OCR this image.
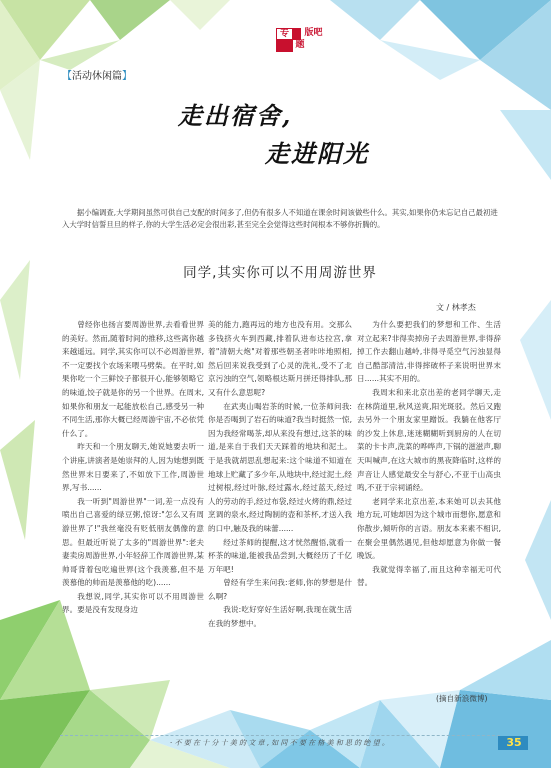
专	版吧
题
【活动休闲篇】
走出宿舍,
走进阳光

据小编调查,大学期间虽然可供自己支配的时间多了,但仍有很多人不知道在课余时间该做些什么。其实,如果你仍未忘记自己最初进入大学时信誓旦旦的样子,你的大学生活必定会很出彩,甚至完全会觉得这些时间根本不够你折腾的。

同学,其实你可以不用周游世界
文 / 林孝杰

曾经你也扬言要周游世界,去看看世界的美好。然而,随着时间的推移,这些离你越来越遥远。同学,其实你可以不必周游世界,不一定要找个农场来喂马劈柴。在平时,如果你吃一个三鲜饺子都很开心,能够领略它的味道,饺子就是你的另一个世界。在周末,如果你和朋友一起能放松自己,感受另一种不同生活,那你大概已经周游宇宙,不必依凭什么了。

昨天和一个朋友聊天,她说她要去听一个讲座,讲演者是她崇拜的人,因为她想到既然世界末日要来了,不如放下工作,周游世界,写书......

我一听到"周游世界"一词,差一点没有喷出自己喜爱的绿豆粥,惊讶:"怎么又有周游世界了!"我丝毫没有贬低朋友偶像的意思。但最近听说了太多的"周游世界":老夫妻卖房周游世界,小年轻辞工作周游世界,某帅哥背着包吃遍世界(这个我羡慕,但不是羡慕他的帅而是羡慕他的吃)......

我想说,同学,其实你可以不用周游世界。要是没有发现身边

美的能力,跑再远的地方也没有用。交那么多钱挤火车到西藏,排着队进布达拉宫,拿着"清朝大炮"对着那些朝圣者咔咔地照相,然后回来说我受到了心灵的洗礼,受不了北京污浊的空气,领略根达斯月拼还得排队,那又有什么意思呢?

在武夷山喝岩茶的时候,一位茶师问我:你是否喝到了岩石的味道?我当时挺然一惊,因为我经常喝茶,却从来没有想过,这茶的味道,是来自于我们天天踩着的地块和泥土。于是我就胡思乱想起来:这个味道不知道在地球上贮藏了多少年,从地块中,经过泥土,经过树根,经过叶脉,经过露水,经过蓝天,经过人的劳动的手,经过布袋,经过火烤的鼎,经过烹调的泉水,经过陶制的壶和茶杯,才送入我的口中,触及我的味蕾......

经过茶师的提醒,这才恍然醒悟,就看一杯茶的味道,能被我品尝到,大概经历了千亿万年吧!

曾经有学生来问我:老师,你的梦想是什么啊?

我说:吃好穿好生活好啊,我现在就生活在我的梦想中。

为什么要把我们的梦想和工作、生活对立起来?非得卖掉房子去周游世界,非得辞掉工作去翻山越岭,非得寻觅空气污浊显得自己酷部清洁,非得摔破杯子来说明世界末日......其实不用的。

我周末和来北京出差的老同学聊天,走在林荫道里,秋风送爽,阳光斑驳。然后又跑去另外一个朋友家里蹭饭。我躺在他客厅的沙发上休息,迷迷糊糊听到厨房的人在切菜的卡卡声,洗菜的哗哗声,下锅的滋滋声,聊天叫喊声,在这大城市的黑夜降临时,这样的声音让人感觉最安全与舒心,不亚于山高虫鸣,不亚于宗祠诵经。

老同学来北京出差,本来她可以去其他地方玩,可她却因为这个城市而想你,愿意和你散步,倾听你的言语。朋友本来素不相识,在聚会里偶然遇见,但他却愿意为你做一餐晚饭。

我就觉得幸福了,而且这种幸福无可代替。

(摘自新浪微博)
· 不 要 在 十 分 十 美 的 文 章 , 如 同 不 要 在 格 美 和 思 的 绝 望 。	35
